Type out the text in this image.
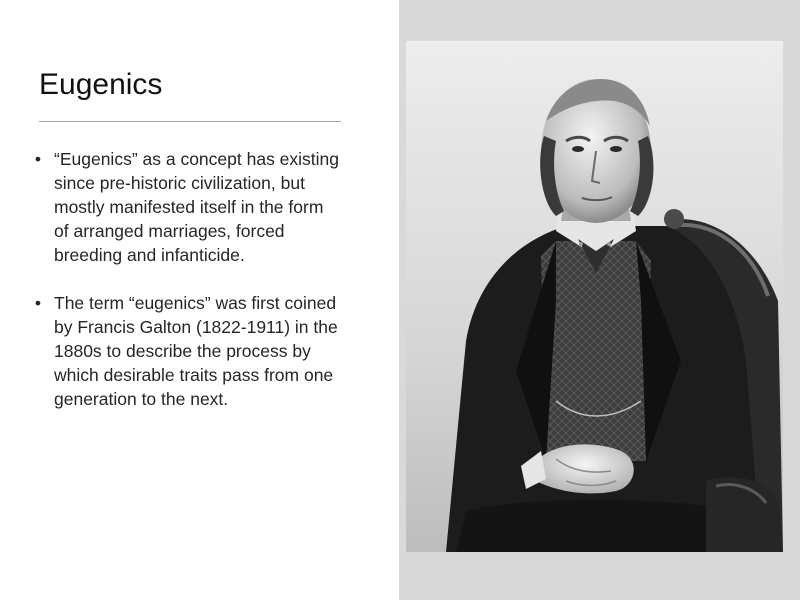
Eugenics
• “Eugenics” as a concept has existing since pre-historic civilization, but mostly manifested itself in the form of arranged marriages, forced breeding and infanticide.
• The term “eugenics” was first coined by Francis Galton (1822-1911) in the 1880s to describe the process by which desirable traits pass from one generation to the next.
